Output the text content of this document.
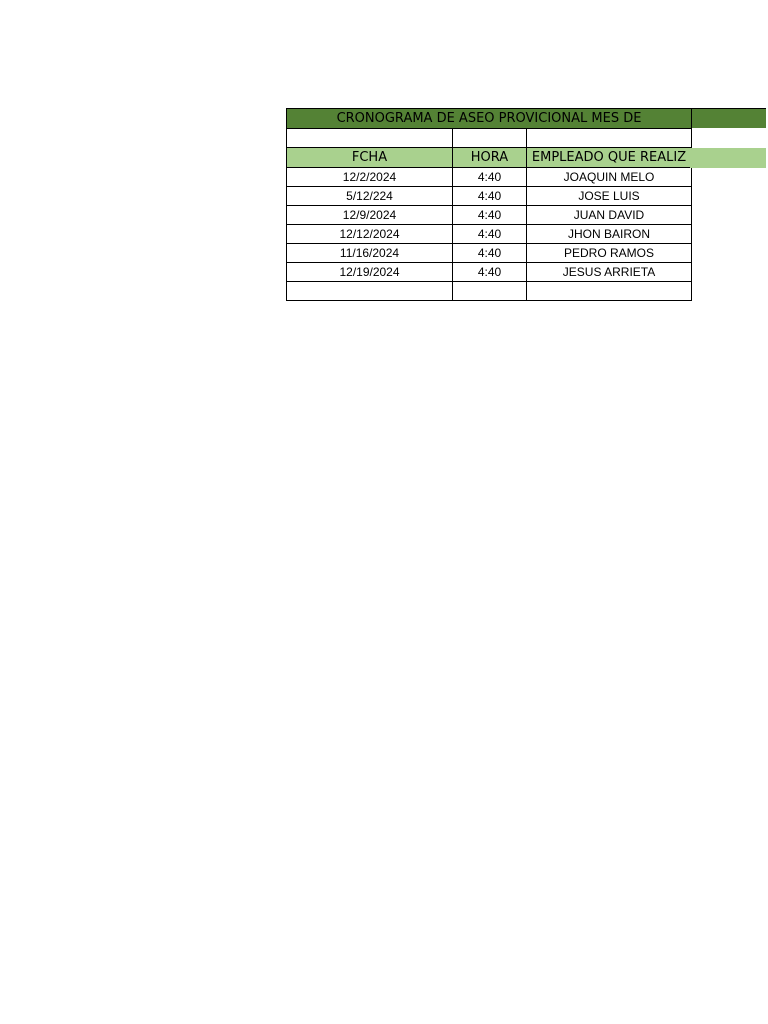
CRONOGRAMA DE ASEO PROVICIONAL MES DE

FCHA	HORA	EMPLEADO QUE REALIZ
12/2/2024	4:40	JOAQUIN MELO
5/12/224	4:40	JOSE LUIS
12/9/2024	4:40	JUAN DAVID
12/12/2024	4:40	JHON BAIRON
11/16/2024	4:40	PEDRO RAMOS
12/19/2024	4:40	JESUS ARRIETA
